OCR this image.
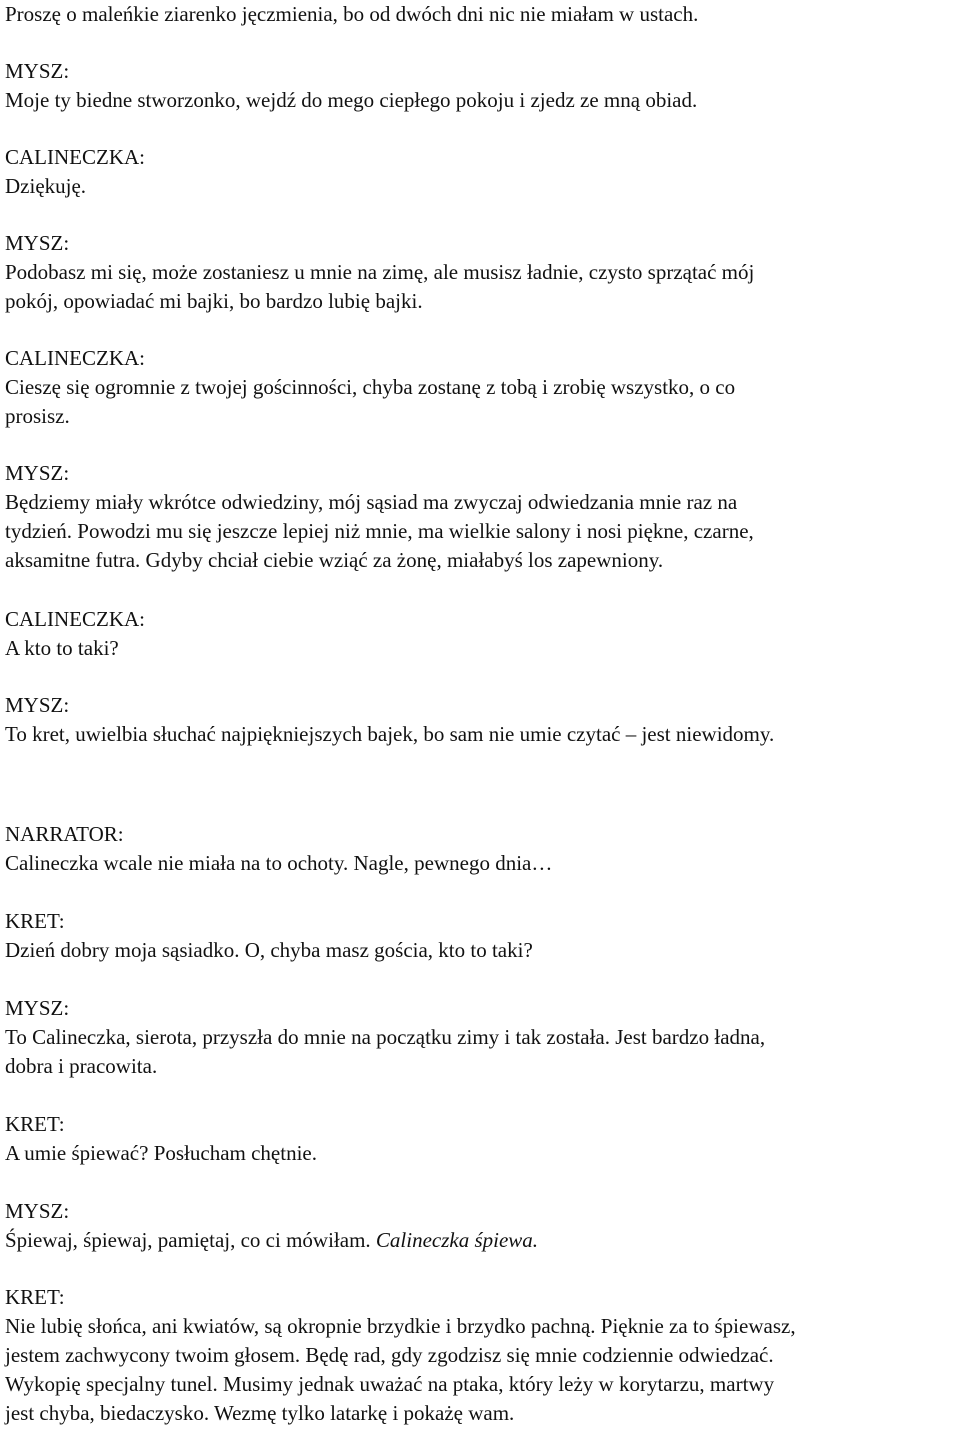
Proszę o maleńkie ziarenko jęczmienia, bo od dwóch dni nic nie miałam w ustach.

MYSZ:
Moje ty biedne stworzonko, wejdź do mego ciepłego pokoju i zjedz ze mną obiad.

CALINECZKA:
Dziękuję.

MYSZ:
Podobasz mi się, może zostaniesz u mnie na zimę, ale musisz ładnie, czysto sprzątać mój
pokój, opowiadać mi bajki, bo bardzo lubię bajki.

CALINECZKA:
Cieszę się ogromnie z twojej gościnności, chyba zostanę z tobą i zrobię wszystko, o co
prosisz.

MYSZ:
Będziemy miały wkrótce odwiedziny, mój sąsiad ma zwyczaj odwiedzania mnie raz na
tydzień. Powodzi mu się jeszcze lepiej niż mnie, ma wielkie salony i nosi piękne, czarne,
aksamitne futra. Gdyby chciał ciebie wziąć za żonę, miałabyś los zapewniony.

CALINECZKA:
A kto to taki?

MYSZ:
To kret, uwielbia słuchać najpiękniejszych bajek, bo sam nie umie czytać – jest niewidomy.

NARRATOR:
Calineczka wcale nie miała na to ochoty. Nagle, pewnego dnia…

KRET:
Dzień dobry moja sąsiadko. O, chyba masz gościa, kto to taki?

MYSZ:
To Calineczka, sierota, przyszła do mnie na początku zimy i tak została. Jest bardzo ładna,
dobra i pracowita.

KRET:
A umie śpiewać? Posłucham chętnie.

MYSZ:
Śpiewaj, śpiewaj, pamiętaj, co ci mówiłam. Calineczka śpiewa.

KRET:
Nie lubię słońca, ani kwiatów, są okropnie brzydkie i brzydko pachną. Pięknie za to śpiewasz,
jestem zachwycony twoim głosem. Będę rad, gdy zgodzisz się mnie codziennie odwiedzać.
Wykopię specjalny tunel. Musimy jednak uważać na ptaka, który leży w korytarzu, martwy
jest chyba, biedaczysko. Wezmę tylko latarkę i pokażę wam.
